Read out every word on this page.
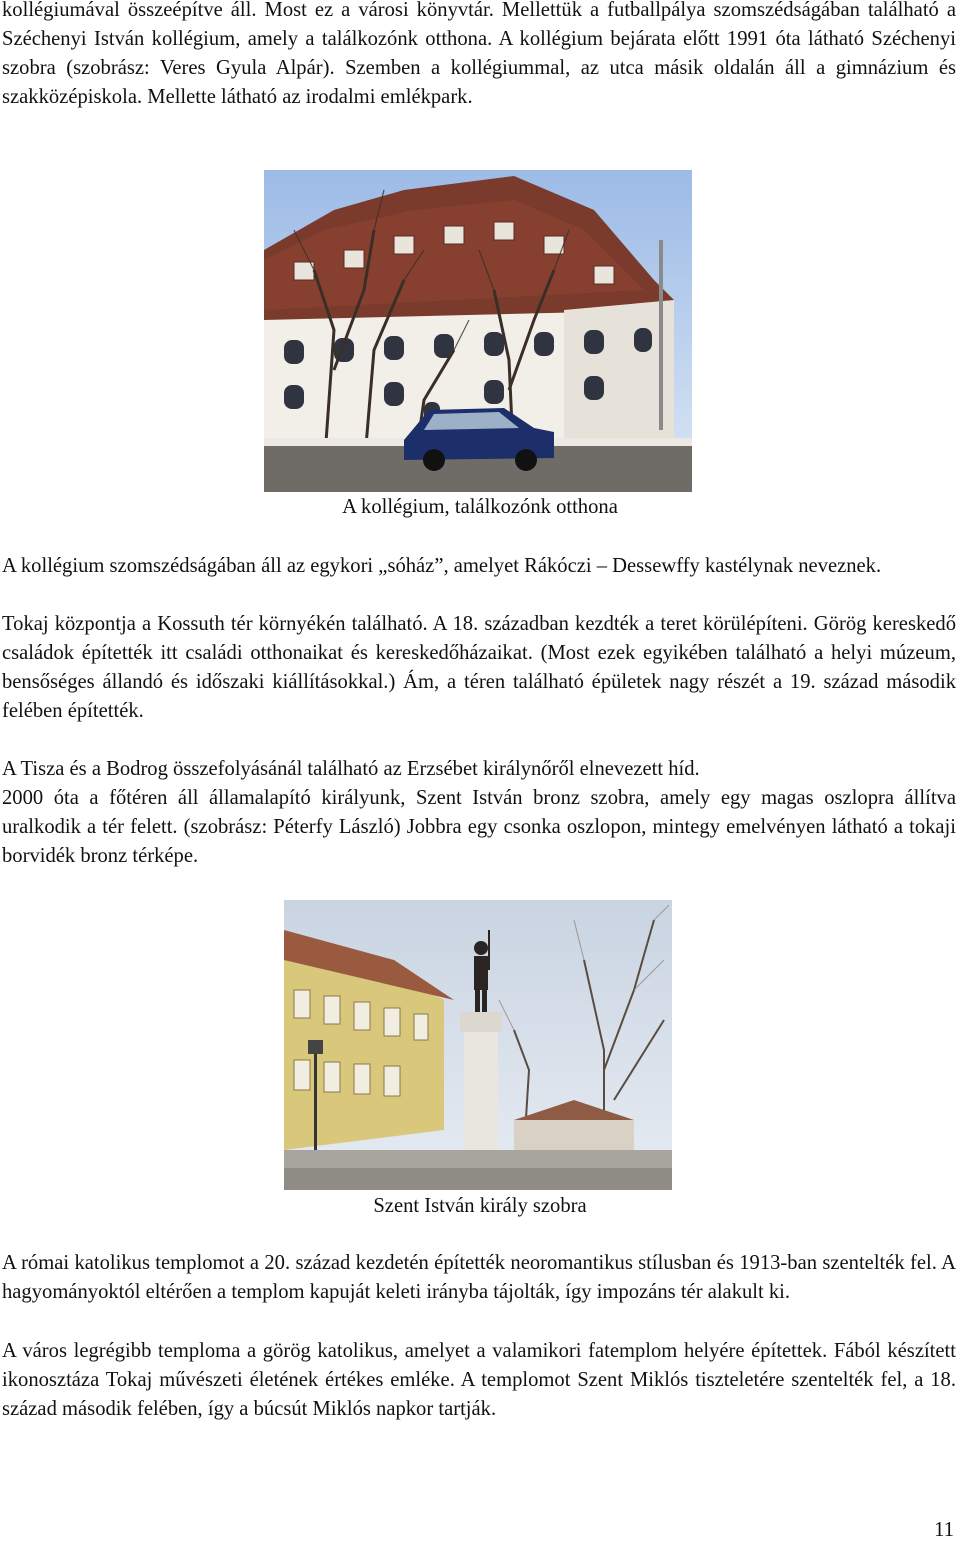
kollégiumával összeépítve áll. Most ez a városi könyvtár. Mellettük a futballpálya szomszédságában található a Széchenyi István kollégium, amely a találkozónk otthona. A kollégium bejárata előtt 1991 óta látható Széchenyi szobra (szobrász: Veres Gyula Alpár). Szemben a kollégiummal, az utca másik oldalán áll a gimnázium és szakközépiskola. Mellette látható az irodalmi emlékpark.

A kollégium, találkozónk otthona

A kollégium szomszédságában áll az egykori „sóház”, amelyet Rákóczi – Dessewffy kastélynak neveznek.

Tokaj központja a Kossuth tér környékén található. A 18. században kezdték a teret körülépíteni. Görög kereskedő családok építették itt családi otthonaikat és kereskedőházaikat. (Most ezek egyikében található a helyi múzeum, bensőséges állandó és időszaki kiállításokkal.) Ám, a téren található épületek nagy részét a 19. század második felében építették.

A Tisza és a Bodrog összefolyásánál található az Erzsébet királynőről elnevezett híd.

2000 óta a főtéren áll államalapító királyunk, Szent István bronz szobra, amely egy magas oszlopra állítva uralkodik a tér felett. (szobrász: Péterfy László) Jobbra egy csonka oszlopon, mintegy emelvényen látható a tokaji borvidék bronz térképe.

Szent István király szobra

A római katolikus templomot a 20. század kezdetén építették neoromantikus stílusban és 1913-ban szentelték fel. A hagyományoktól eltérően a templom kapuját keleti irányba tájolták, így impozáns tér alakult ki.

A város legrégibb temploma a görög katolikus, amelyet a valamikori fatemplom helyére építettek. Fából készített ikonosztáza Tokaj művészeti életének értékes emléke. A templomot Szent Miklós tiszteletére szentelték fel, a 18. század második felében, így a búcsút Miklós napkor tartják.

11
